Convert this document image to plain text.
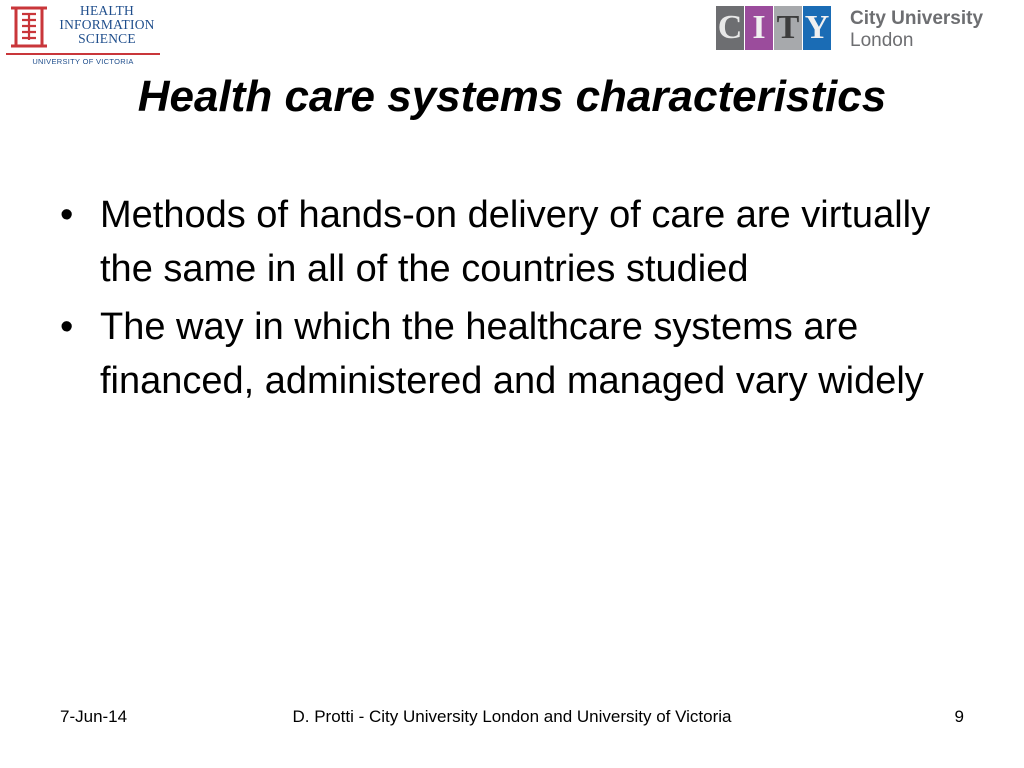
HEALTH
INFORMATION
SCIENCE
UNIVERSITY OF VICTORIA
C I T Y City University
London
Health care systems characteristics
• Methods of hands-on delivery of care are virtually the same in all of the countries studied
• The way in which the healthcare systems are financed, administered and managed vary widely
7-Jun-14	D. Protti - City University London and University of Victoria	9
